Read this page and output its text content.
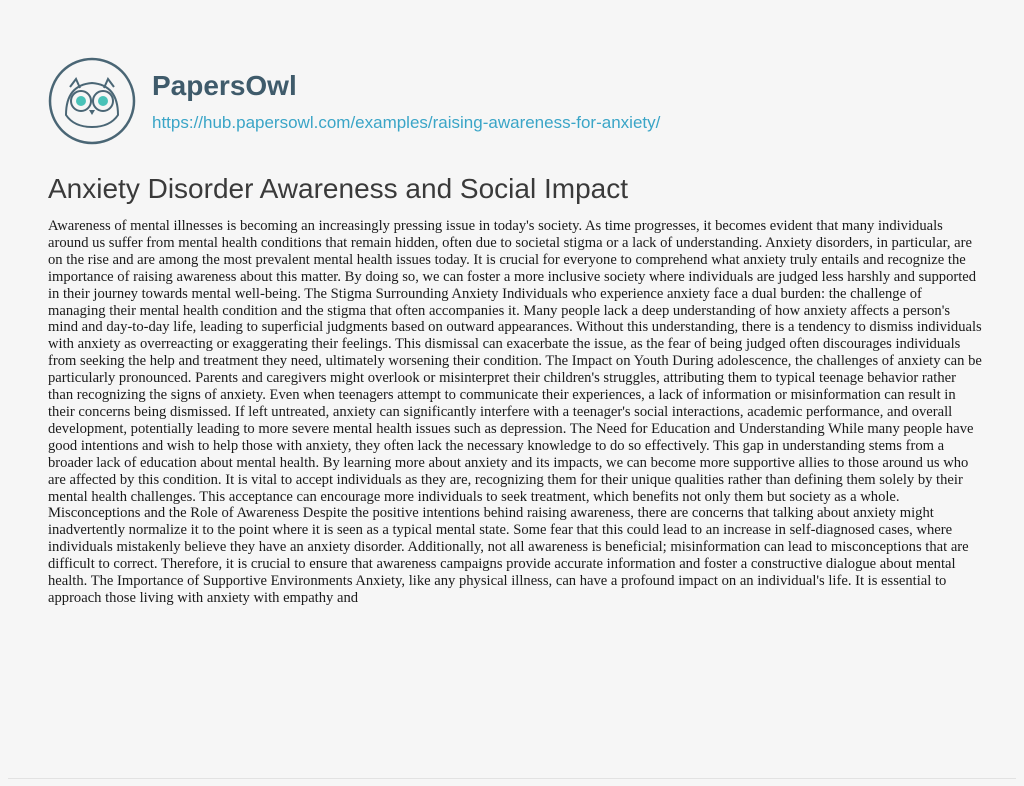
PapersOwl
https://hub.papersowl.com/examples/raising-awareness-for-anxiety/
Anxiety Disorder Awareness and Social Impact

Awareness of mental illnesses is becoming an increasingly pressing issue in today's society. As time progresses, it becomes evident that many individuals around us suffer from mental health conditions that remain hidden, often due to societal stigma or a lack of understanding. Anxiety disorders, in particular, are on the rise and are among the most prevalent mental health issues today. It is crucial for everyone to comprehend what anxiety truly entails and recognize the importance of raising awareness about this matter. By doing so, we can foster a more inclusive society where individuals are judged less harshly and supported in their journey towards mental well-being. The Stigma Surrounding Anxiety Individuals who experience anxiety face a dual burden: the challenge of managing their mental health condition and the stigma that often accompanies it. Many people lack a deep understanding of how anxiety affects a person's mind and day-to-day life, leading to superficial judgments based on outward appearances. Without this understanding, there is a tendency to dismiss individuals with anxiety as overreacting or exaggerating their feelings. This dismissal can exacerbate the issue, as the fear of being judged often discourages individuals from seeking the help and treatment they need, ultimately worsening their condition. The Impact on Youth During adolescence, the challenges of anxiety can be particularly pronounced. Parents and caregivers might overlook or misinterpret their children's struggles, attributing them to typical teenage behavior rather than recognizing the signs of anxiety. Even when teenagers attempt to communicate their experiences, a lack of information or misinformation can result in their concerns being dismissed. If left untreated, anxiety can significantly interfere with a teenager's social interactions, academic performance, and overall development, potentially leading to more severe mental health issues such as depression. The Need for Education and Understanding While many people have good intentions and wish to help those with anxiety, they often lack the necessary knowledge to do so effectively. This gap in understanding stems from a broader lack of education about mental health. By learning more about anxiety and its impacts, we can become more supportive allies to those around us who are affected by this condition. It is vital to accept individuals as they are, recognizing them for their unique qualities rather than defining them solely by their mental health challenges. This acceptance can encourage more individuals to seek treatment, which benefits not only them but society as a whole. Misconceptions and the Role of Awareness Despite the positive intentions behind raising awareness, there are concerns that talking about anxiety might inadvertently normalize it to the point where it is seen as a typical mental state. Some fear that this could lead to an increase in self-diagnosed cases, where individuals mistakenly believe they have an anxiety disorder. Additionally, not all awareness is beneficial; misinformation can lead to misconceptions that are difficult to correct. Therefore, it is crucial to ensure that awareness campaigns provide accurate information and foster a constructive dialogue about mental health. The Importance of Supportive Environments Anxiety, like any physical illness, can have a profound impact on an individual's life. It is essential to approach those living with anxiety with empathy and
